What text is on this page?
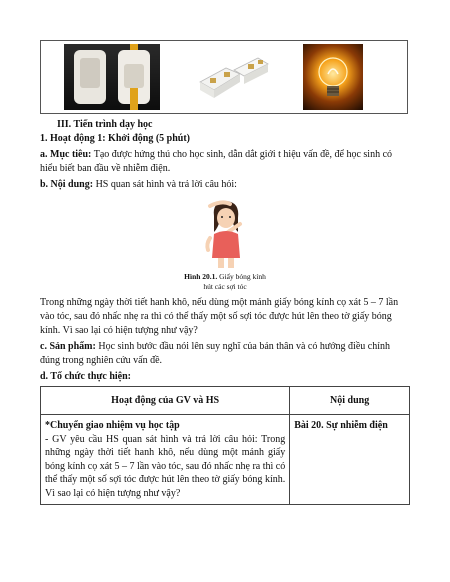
III. Tiến trình dạy học
1. Hoạt động 1: Khởi động (5 phút)
a. Mục tiêu: Tạo được hứng thú cho học sinh, dẫn dắt giới t hiệu vấn đề, để học sinh có hiểu biết ban đầu về nhiễm điện.
b. Nội dung: HS quan sát hình và trả lời câu hỏi:
Hình 20.1. Giấy bóng kính
hút các sợi tóc
Trong những ngày thời tiết hanh khô, nếu dùng một mảnh giấy bóng kính cọ xát 5 – 7 lần vào tóc, sau đó nhấc nhẹ ra thì có thể thấy một số sợi tóc được hút lên theo tờ giấy bóng kính. Vì sao lại có hiện tượng như vậy?
c. Sản phẩm: Học sinh bước đầu nói lên suy nghĩ của bản thân và có hướng điều chỉnh đúng trong nghiên cứu vấn đề.
d. Tổ chức thực hiện:
Hoạt động của GV và HS	Nội dung

*Chuyển giao nhiệm vụ học tập
- GV yêu cầu HS quan sát hình và trả lời câu hỏi: Trong những ngày thời tiết hanh khô, nếu dùng một mảnh giấy bóng kính cọ xát 5 – 7 lần vào tóc, sau đó nhấc nhẹ ra thì có thể thấy một số sợi tóc được hút lên theo tờ giấy bóng kính. Vì sao lại có hiện tượng như vậy?	Bài 20. Sự nhiễm điện
